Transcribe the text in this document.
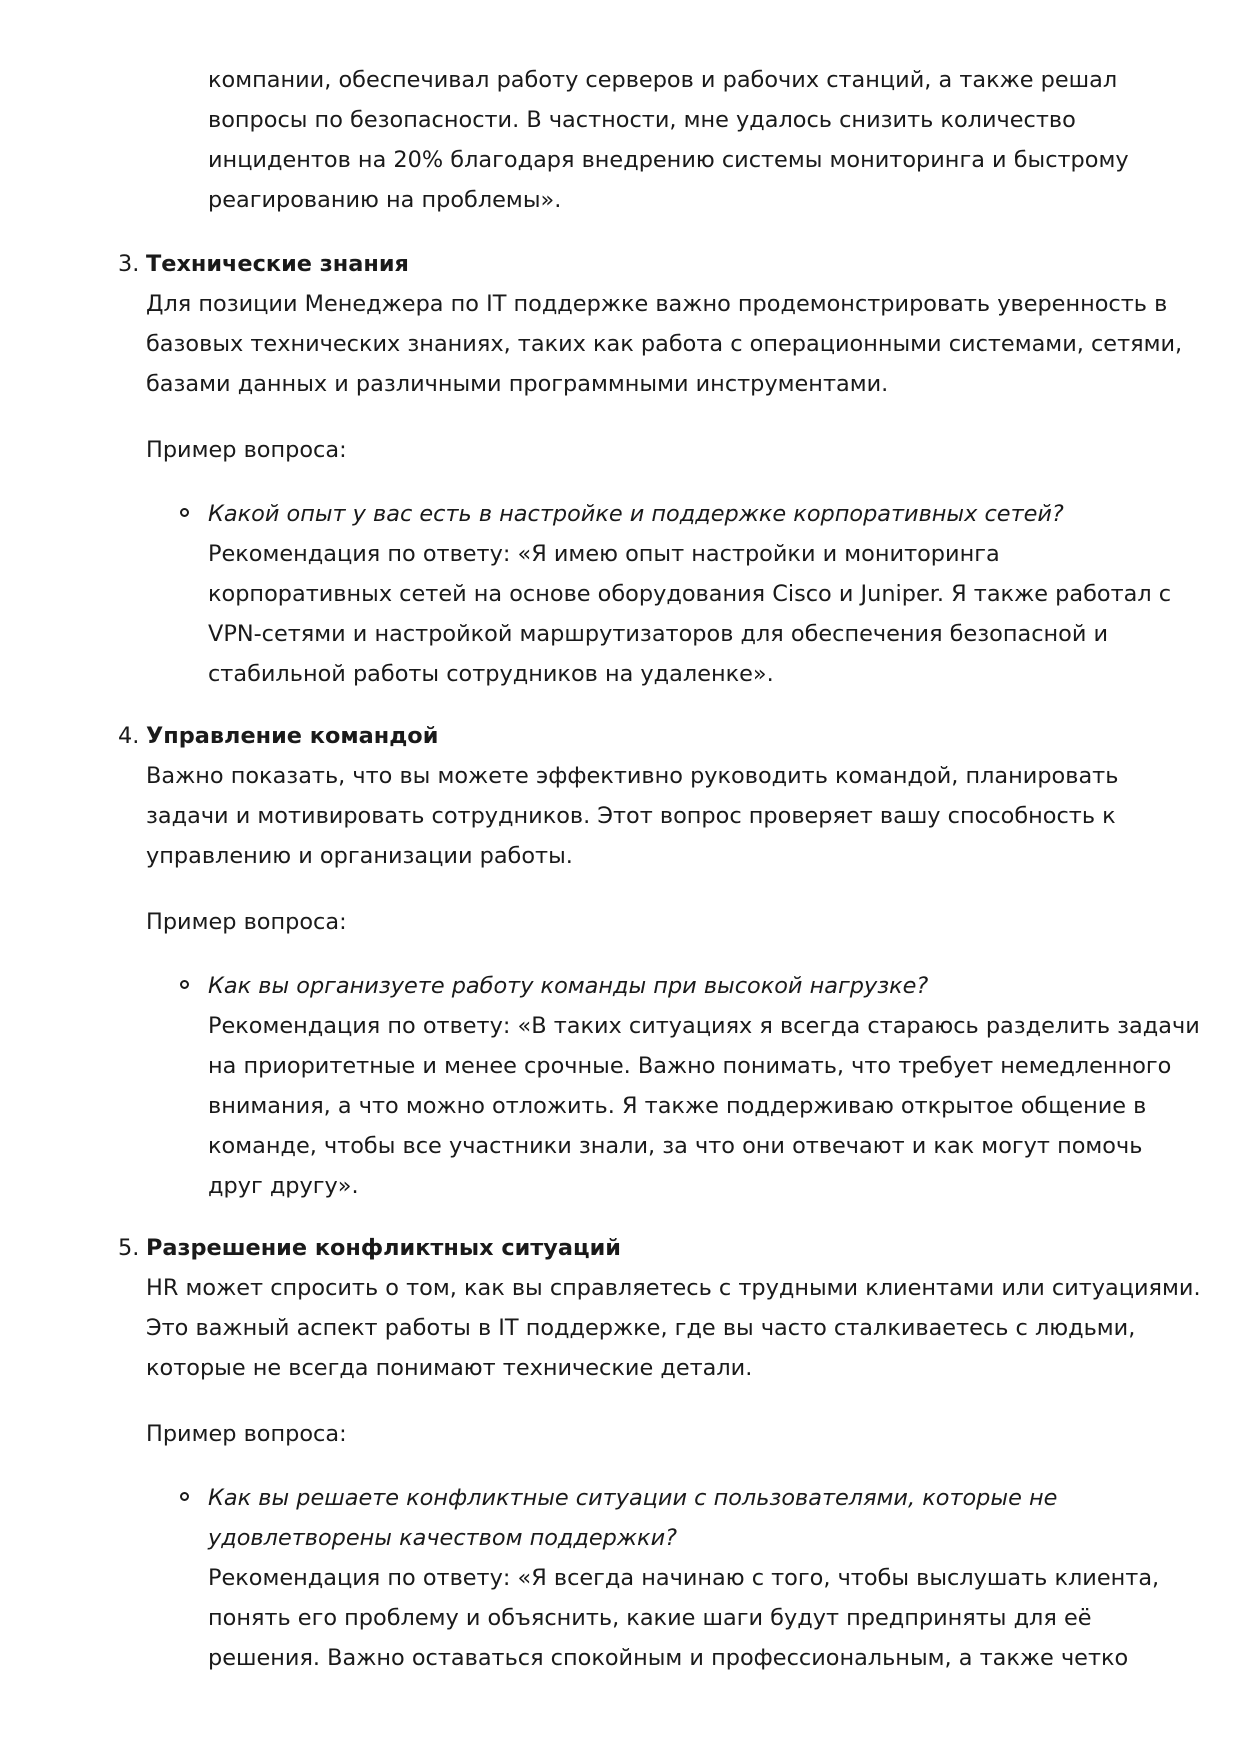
компании, обеспечивал работу серверов и рабочих станций, а также решал
вопросы по безопасности. В частности, мне удалось снизить количество
инцидентов на 20% благодаря внедрению системы мониторинга и быстрому
реагированию на проблемы».
3. Технические знания
Для позиции Менеджера по IT поддержке важно продемонстрировать уверенность в
базовых технических знаниях, таких как работа с операционными системами, сетями,
базами данных и различными программными инструментами.
Пример вопроса:
Какой опыт у вас есть в настройке и поддержке корпоративных сетей?
Рекомендация по ответу: «Я имею опыт настройки и мониторинга
корпоративных сетей на основе оборудования Cisco и Juniper. Я также работал с
VPN-сетями и настройкой маршрутизаторов для обеспечения безопасной и
стабильной работы сотрудников на удаленке».
4. Управление командой
Важно показать, что вы можете эффективно руководить командой, планировать
задачи и мотивировать сотрудников. Этот вопрос проверяет вашу способность к
управлению и организации работы.
Пример вопроса:
Как вы организуете работу команды при высокой нагрузке?
Рекомендация по ответу: «В таких ситуациях я всегда стараюсь разделить задачи
на приоритетные и менее срочные. Важно понимать, что требует немедленного
внимания, а что можно отложить. Я также поддерживаю открытое общение в
команде, чтобы все участники знали, за что они отвечают и как могут помочь
друг другу».
5. Разрешение конфликтных ситуаций
HR может спросить о том, как вы справляетесь с трудными клиентами или ситуациями.
Это важный аспект работы в IT поддержке, где вы часто сталкиваетесь с людьми,
которые не всегда понимают технические детали.
Пример вопроса:
Как вы решаете конфликтные ситуации с пользователями, которые не
удовлетворены качеством поддержки?
Рекомендация по ответу: «Я всегда начинаю с того, чтобы выслушать клиента,
понять его проблему и объяснить, какие шаги будут предприняты для её
решения. Важно оставаться спокойным и профессиональным, а также четко
